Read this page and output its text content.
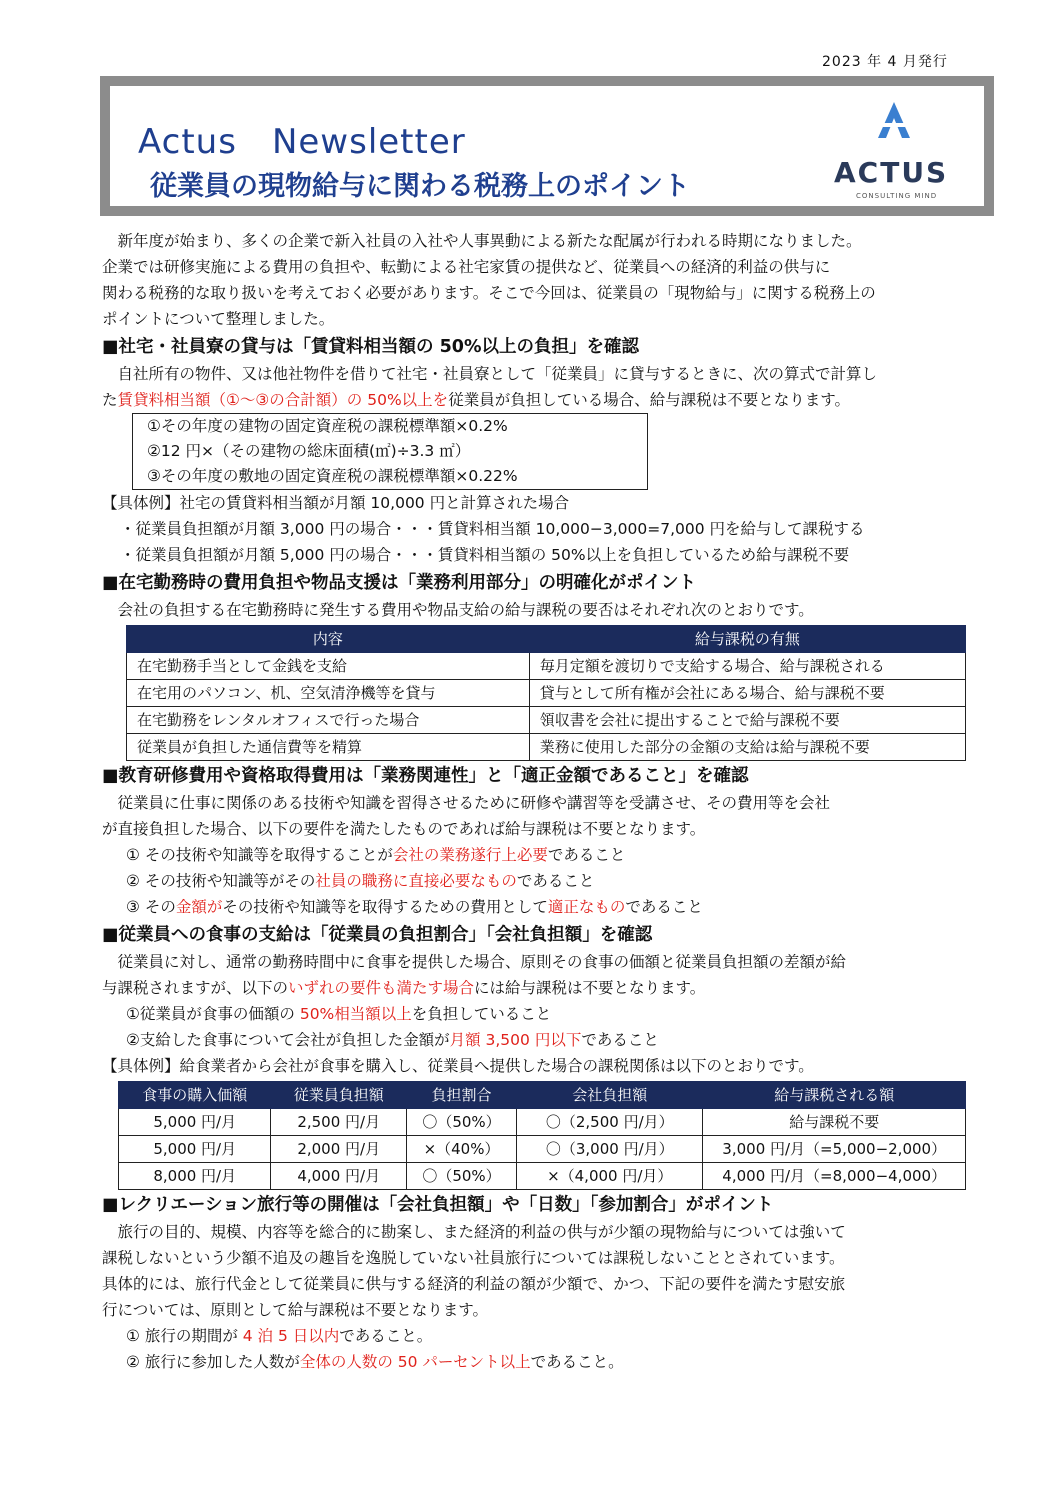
2023 年 4 月発行
Actus　Newsletter
従業員の現物給与に関わる税務上のポイント	ACTUS
CONSULTING MIND

新年度が始まり、多くの企業で新入社員の入社や人事異動による新たな配属が行われる時期になりました。

企業では研修実施による費用の負担や、転勤による社宅家賃の提供など、従業員への経済的利益の供与に

関わる税務的な取り扱いを考えておく必要があります。そこで今回は、従業員の「現物給与」に関する税務上の

ポイントについて整理しました。

■社宅・社員寮の貸与は「賃貸料相当額の 50%以上の負担」を確認

自社所有の物件、又は他社物件を借りて社宅・社員寮として「従業員」に貸与するときに、次の算式で計算し

た賃貸料相当額（①～③の合計額）の 50%以上を従業員が負担している場合、給与課税は不要となります。

①その年度の建物の固定資産税の課税標準額×0.2%
②12 円×（その建物の総床面積(㎡)÷3.3 ㎡）
③その年度の敷地の固定資産税の課税標準額×0.22%

【具体例】社宅の賃貸料相当額が月額 10,000 円と計算された場合

・従業員負担額が月額 3,000 円の場合・・・賃貸料相当額 10,000−3,000=7,000 円を給与して課税する

・従業員負担額が月額 5,000 円の場合・・・賃貸料相当額の 50%以上を負担しているため給与課税不要

■在宅勤務時の費用負担や物品支援は「業務利用部分」の明確化がポイント

会社の負担する在宅勤務時に発生する費用や物品支給の給与課税の要否はそれぞれ次のとおりです。

内容	給与課税の有無
在宅勤務手当として金銭を支給	毎月定額を渡切りで支給する場合、給与課税される
在宅用のパソコン、机、空気清浄機等を貸与	貸与として所有権が会社にある場合、給与課税不要
在宅勤務をレンタルオフィスで行った場合	領収書を会社に提出することで給与課税不要
従業員が負担した通信費等を精算	業務に使用した部分の金額の支給は給与課税不要
■教育研修費用や資格取得費用は「業務関連性」と「適正金額であること」を確認

従業員に仕事に関係のある技術や知識を習得させるために研修や講習等を受講させ、その費用等を会社

が直接負担した場合、以下の要件を満たしたものであれば給与課税は不要となります。

① その技術や知識等を取得することが会社の業務遂行上必要であること

② その技術や知識等がその社員の職務に直接必要なものであること

③ その金額がその技術や知識等を取得するための費用として適正なものであること

■従業員への食事の支給は「従業員の負担割合」「会社負担額」を確認

従業員に対し、通常の勤務時間中に食事を提供した場合、原則その食事の価額と従業員負担額の差額が給

与課税されますが、以下のいずれの要件も満たす場合には給与課税は不要となります。

①従業員が食事の価額の 50%相当額以上を負担していること

②支給した食事について会社が負担した金額が月額 3,500 円以下であること

【具体例】給食業者から会社が食事を購入し、従業員へ提供した場合の課税関係は以下のとおりです。

食事の購入価額	従業員負担額	負担割合	会社負担額	給与課税される額
5,000 円/月	2,500 円/月	〇（50%）	〇（2,500 円/月）	給与課税不要
5,000 円/月	2,000 円/月	×（40%）	〇（3,000 円/月）	3,000 円/月（=5,000−2,000）
8,000 円/月	4,000 円/月	〇（50%）	×（4,000 円/月）	4,000 円/月（=8,000−4,000）
■レクリエーション旅行等の開催は「会社負担額」や「日数」「参加割合」がポイント

旅行の目的、規模、内容等を総合的に勘案し、また経済的利益の供与が少額の現物給与については強いて

課税しないという少額不追及の趣旨を逸脱していない社員旅行については課税しないこととされています。

具体的には、旅行代金として従業員に供与する経済的利益の額が少額で、かつ、下記の要件を満たす慰安旅

行については、原則として給与課税は不要となります。

① 旅行の期間が 4 泊 5 日以内であること。

② 旅行に参加した人数が全体の人数の 50 パーセント以上であること。
